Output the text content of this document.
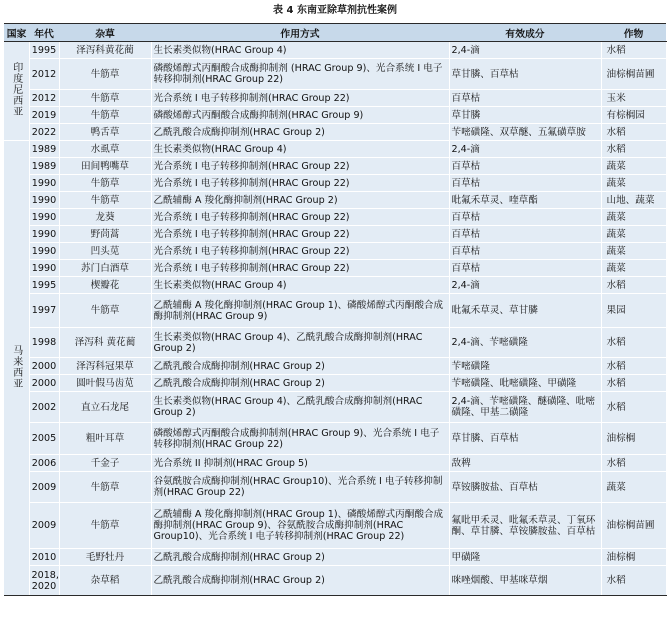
表 4 东南亚除草剂抗性案例
国家	年代	杂草	作用方式	有效成分	作物
印度尼西亚	1995	泽泻科黄花蔺	生长素类似物(HRAC Group 4)	2,4-滴	水稻
	2012	牛筋草	磷酸烯醇式丙酮酸合成酶抑制剂 (HRAC Group 9)、光合系统 I 电子转移抑制剂(HRAC Group 22)	草甘膦、百草枯	油棕榈苗圃
	2012	牛筋草	光合系统 I 电子转移抑制剂(HRAC Group 22)	百草枯	玉米
	2019	牛筋草	磷酸烯醇式丙酮酸合成酶抑制剂(HRAC Group 9)	草甘膦	有棕榈园
	2022	鸭舌草	乙酰乳酸合成酶抑制剂(HRAC Group 2)	苄嘧磺隆、双草醚、五氟磺草胺	水稻
马来西亚	1989	水虱草	生长素类似物(HRAC Group 4)	2,4-滴	水稻
	1989	田间鸭嘴草	光合系统 I 电子转移抑制剂(HRAC Group 22)	百草枯	蔬菜
	1990	牛筋草	光合系统 I 电子转移抑制剂(HRAC Group 22)	百草枯	蔬菜
	1990	牛筋草	乙酰辅酶 A 羧化酶抑制剂(HRAC Group 2)	吡氟禾草灵、喹草酯	山地、蔬菜
	1990	龙葵	光合系统 I 电子转移抑制剂(HRAC Group 22)	百草枯	蔬菜
	1990	野茼蒿	光合系统 I 电子转移抑制剂(HRAC Group 22)	百草枯	蔬菜
	1990	凹头苋	光合系统 I 电子转移抑制剂(HRAC Group 22)	百草枯	蔬菜
	1990	苏门白酒草	光合系统 I 电子转移抑制剂(HRAC Group 22)	百草枯	蔬菜
	1995	楔瓣花	生长素类似物(HRAC Group 4)	2,4-滴	水稻
	1997	牛筋草	乙酰辅酶 A 羧化酶抑制剂(HRAC Group 1)、磷酸烯醇式丙酮酸合成酶抑制剂(HRAC Group 9)	吡氟禾草灵、草甘膦	果园
	1998	泽泻科 黄花蔺	生长素类似物(HRAC Group 4)、乙酰乳酸合成酶抑制剂(HRAC Group 2)	2,4-滴、苄嘧磺隆	水稻
	2000	泽泻科冠果草	乙酰乳酸合成酶抑制剂(HRAC Group 2)	苄嘧磺隆	水稻
	2000	圆叶假马齿苋	乙酰乳酸合成酶抑制剂(HRAC Group 2)	苄嘧磺隆、吡嘧磺隆、甲磺隆	水稻
	2002	直立石龙尾	生长素类似物(HRAC Group 4)、乙酰乳酸合成酶抑制剂(HRAC Group 2)	2,4-滴、苄嘧磺隆、醚磺隆、吡嘧磺隆、甲基二磺隆	水稻
	2005	粗叶耳草	磷酸烯醇式丙酮酸合成酶抑制剂(HRAC Group 9)、光合系统 I 电子转移抑制剂(HRAC Group 22)	草甘膦、百草枯	油棕榈
	2006	千金子	光合系统 II 抑制剂(HRAC Group 5)	敌稗	水稻
	2009	牛筋草	谷氨酰胺合成酶抑制剂(HRAC Group10)、光合系统 I 电子转移抑制剂(HRAC Group 22)	草铵膦胺盐、百草枯	蔬菜
	2009	牛筋草	乙酰辅酶 A 羧化酶抑制剂(HRAC Group 1)、磷酸烯醇式丙酮酸合成酶抑制剂(HRAC Group 9)、谷氨酰胺合成酶抑制剂(HRAC Group10)、光合系统 I 电子转移抑制剂(HRAC Group 22)	氟吡甲禾灵、吡氟禾草灵、丁氧环酮、草甘膦、草铵膦胺盐、百草枯	油棕榈苗圃
	2010	毛野牡丹	乙酰乳酸合成酶抑制剂(HRAC Group 2)	甲磺隆	油棕榈
	2018, 2020	杂草稻	乙酰乳酸合成酶抑制剂(HRAC Group 2)	咪唑烟酸、甲基咪草烟	水稻
